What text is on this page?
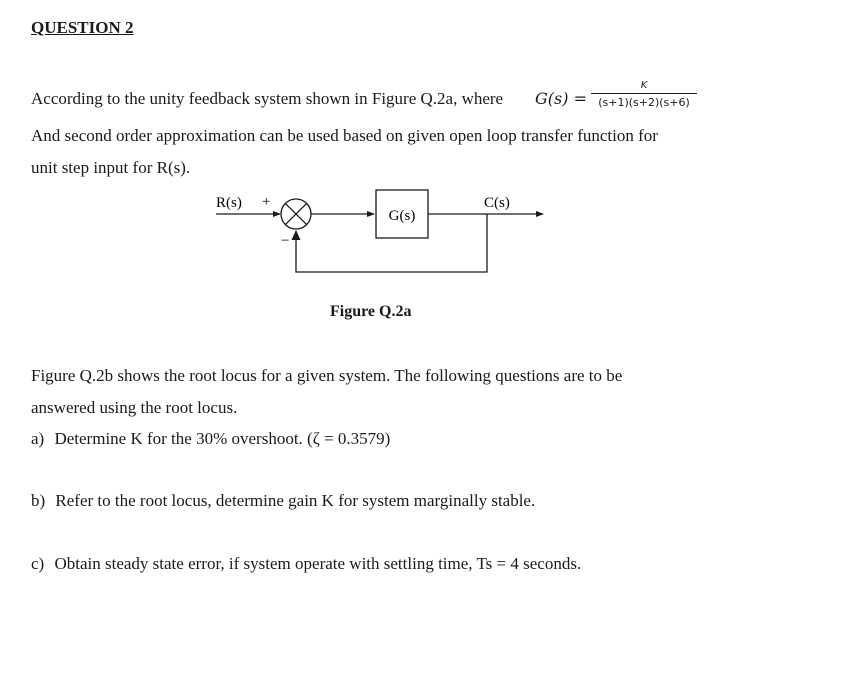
QUESTION 2
According to the unity feedback system shown in Figure Q.2a, where G(s) =
K
(s+1)(s+2)(s+6)
And second order approximation can be used based on given open loop transfer function for
unit step input for R(s).
R(s) +
−
G(s)
C(s)
Figure Q.2a
Figure Q.2b shows the root locus for a given system. The following questions are to be
answered using the root locus.
a) Determine K for the 30% overshoot. (ζ = 0.3579)
b) Refer to the root locus, determine gain K for system marginally stable.
c) Obtain steady state error, if system operate with settling time, Ts = 4 seconds.
